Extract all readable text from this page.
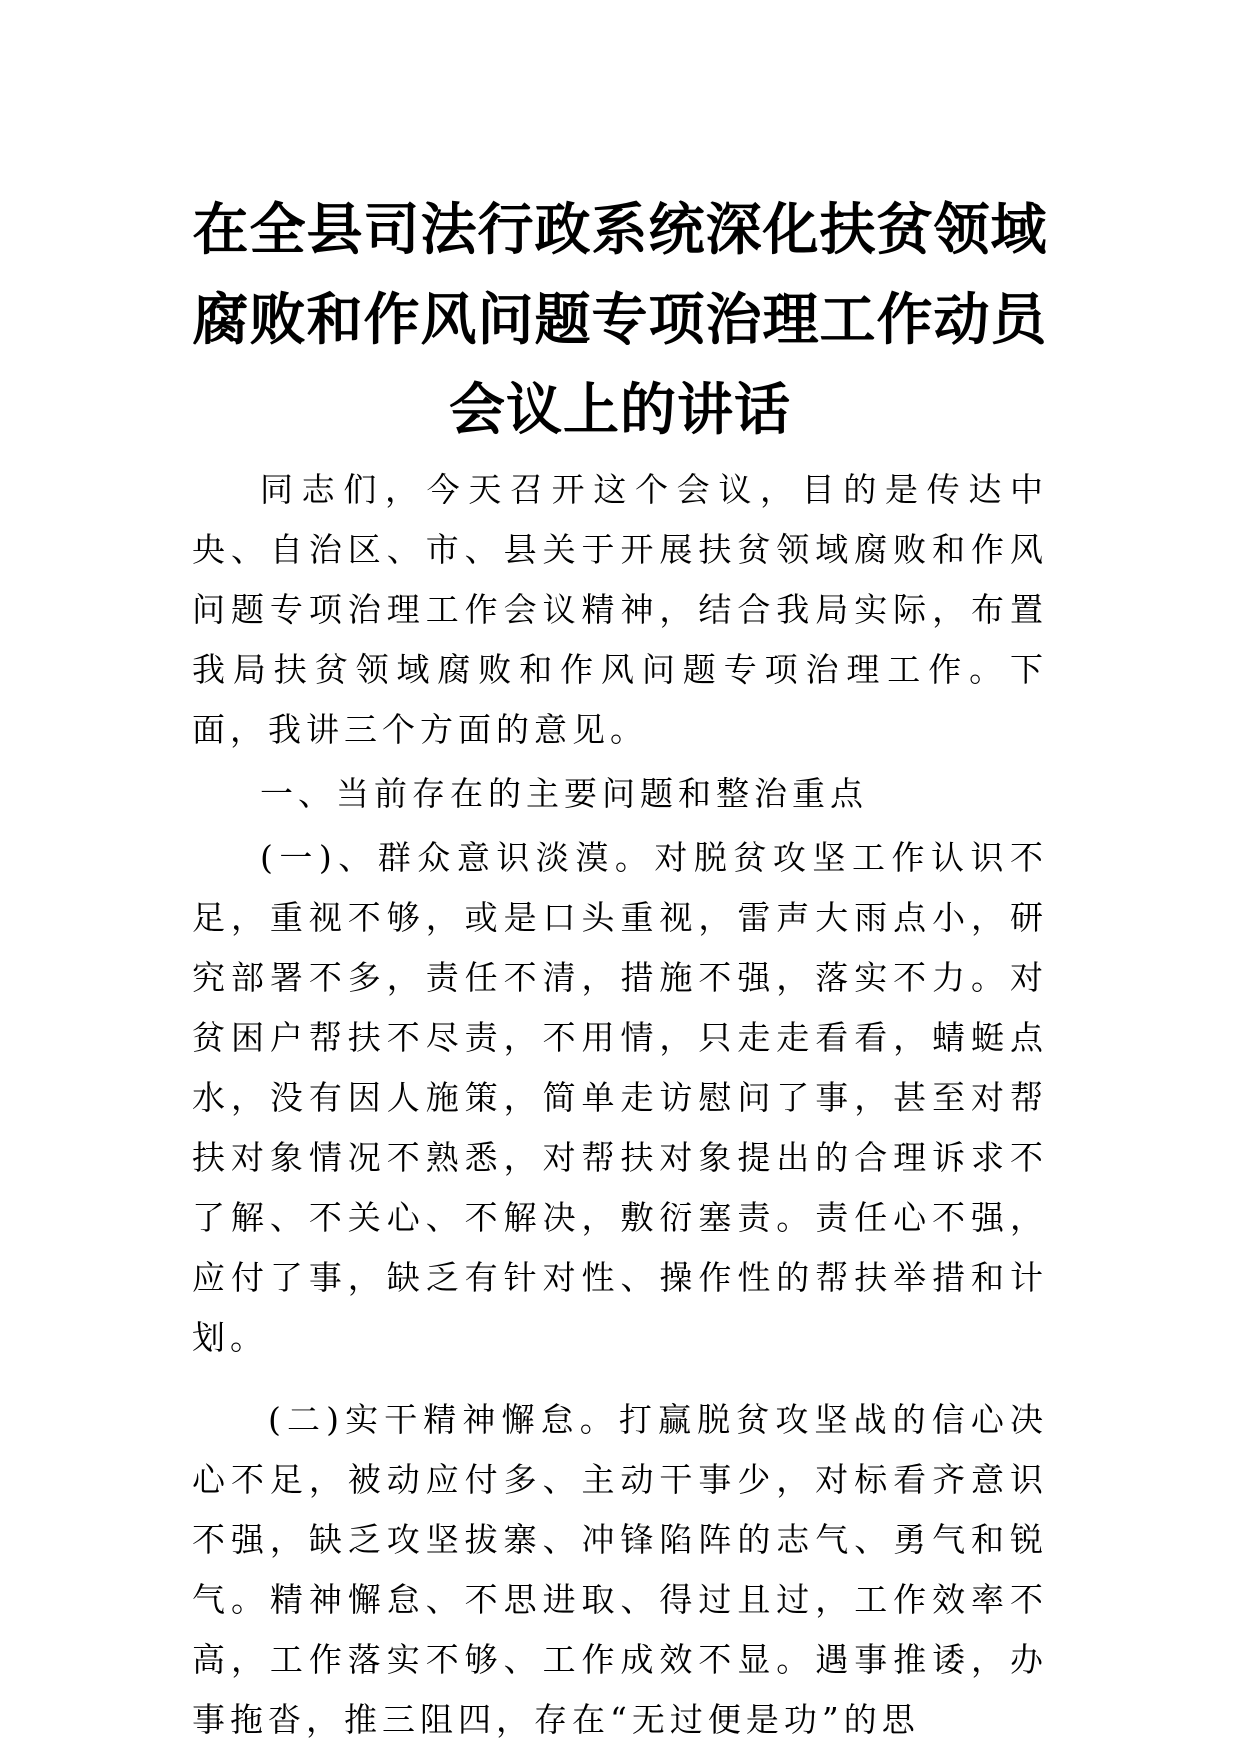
在全县司法行政系统深化扶贫领域
腐败和作风问题专项治理工作动员
会议上的讲话

同志们，今天召开这个会议，目的是传达中央、自治区、市、县关于开展扶贫领域腐败和作风问题专项治理工作会议精神，结合我局实际，布置我局扶贫领域腐败和作风问题专项治理工作。下面，我讲三个方面的意见。

一、当前存在的主要问题和整治重点

(一)、群众意识淡漠。对脱贫攻坚工作认识不足，重视不够，或是口头重视，雷声大雨点小，研究部署不多，责任不清，措施不强，落实不力。对贫困户帮扶不尽责，不用情，只走走看看，蜻蜓点水，没有因人施策，简单走访慰问了事，甚至对帮扶对象情况不熟悉，对帮扶对象提出的合理诉求不了解、不关心、不解决，敷衍塞责。责任心不强，应付了事，缺乏有针对性、操作性的帮扶举措和计划。

(二)实干精神懈怠。打赢脱贫攻坚战的信心决心不足，被动应付多、主动干事少，对标看齐意识不强，缺乏攻坚拔寨、冲锋陷阵的志气、勇气和锐气。精神懈怠、不思进取、得过且过，工作效率不高，工作落实不够、工作成效不显。遇事推诿，办事拖沓，推三阻四，存在“无过便是功”的思
